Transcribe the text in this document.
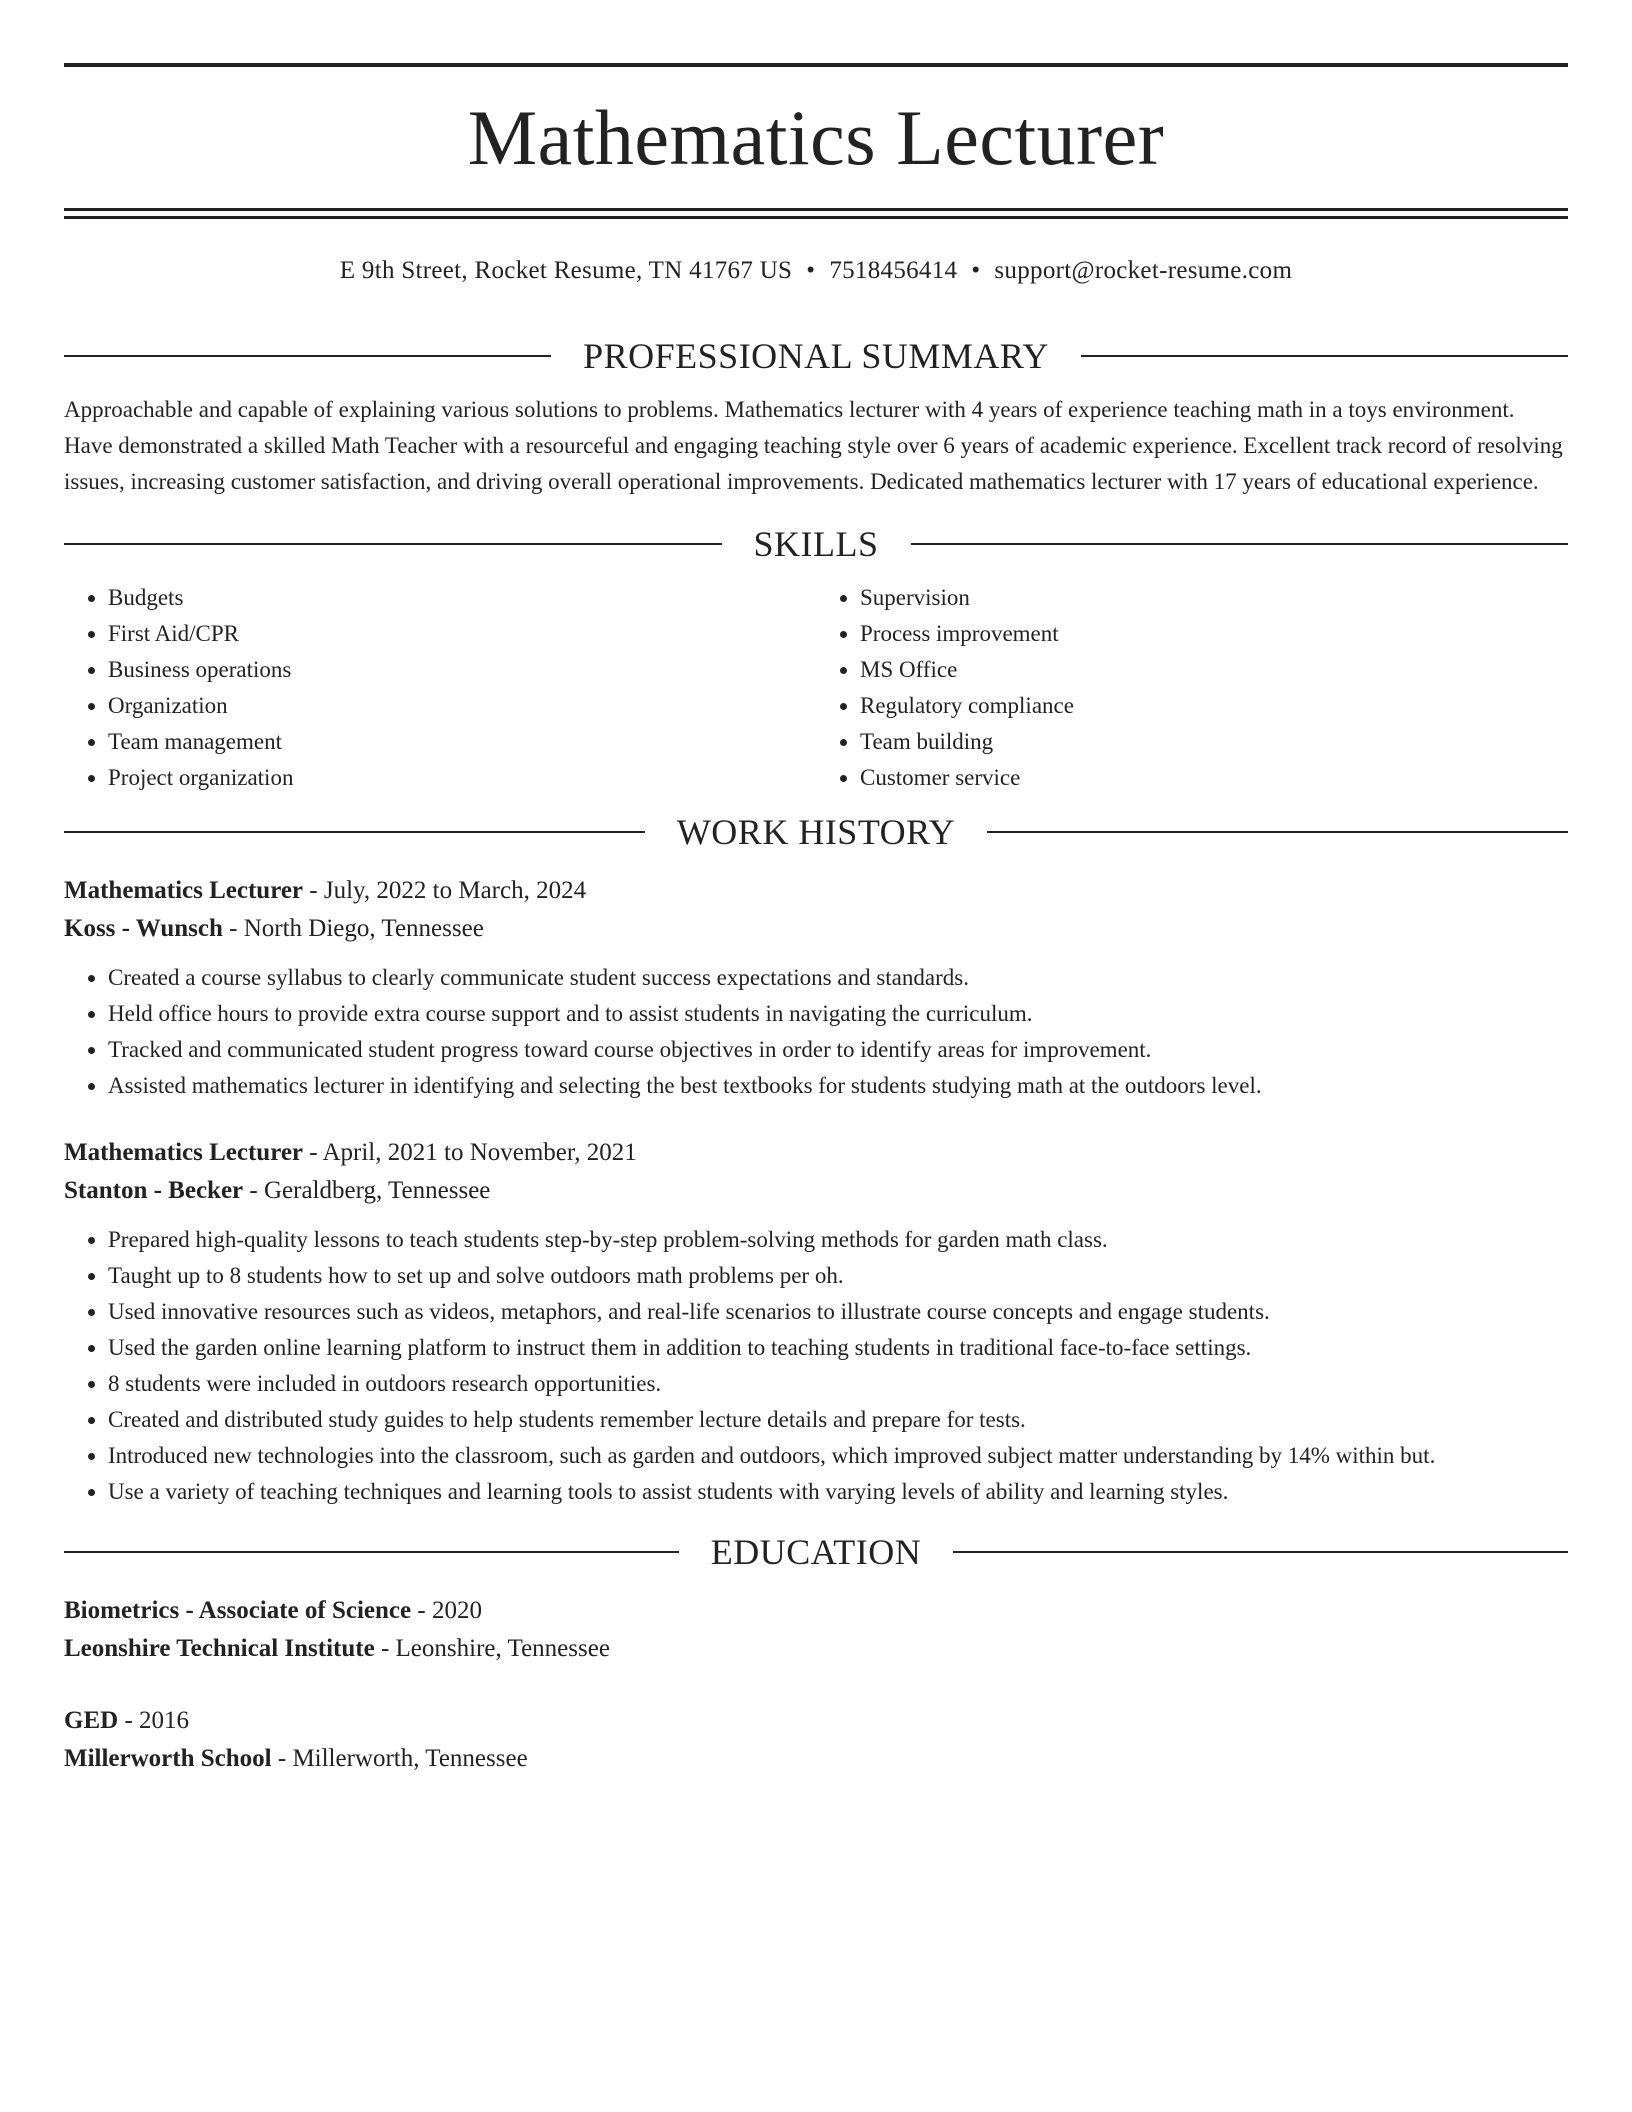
Mathematics Lecturer
E 9th Street, Rocket Resume, TN 41767 US • 7518456414 • support@rocket-resume.com
PROFESSIONAL SUMMARY

Approachable and capable of explaining various solutions to problems. Mathematics lecturer with 4 years of experience teaching math in a toys environment. Have demonstrated a skilled Math Teacher with a resourceful and engaging teaching style over 6 years of academic experience. Excellent track record of resolving issues, increasing customer satisfaction, and driving overall operational improvements. Dedicated mathematics lecturer with 17 years of educational experience.

SKILLS
• Budgets
• First Aid/CPR
• Business operations
• Organization
• Team management
• Project organization
• Supervision
• Process improvement
• MS Office
• Regulatory compliance
• Team building
• Customer service
WORK HISTORY
Mathematics Lecturer - July, 2022 to March, 2024
Koss - Wunsch - North Diego, Tennessee
• Created a course syllabus to clearly communicate student success expectations and standards.
• Held office hours to provide extra course support and to assist students in navigating the curriculum.
• Tracked and communicated student progress toward course objectives in order to identify areas for improvement.
• Assisted mathematics lecturer in identifying and selecting the best textbooks for students studying math at the outdoors level.
Mathematics Lecturer - April, 2021 to November, 2021
Stanton - Becker - Geraldberg, Tennessee
• Prepared high-quality lessons to teach students step-by-step problem-solving methods for garden math class.
• Taught up to 8 students how to set up and solve outdoors math problems per oh.
• Used innovative resources such as videos, metaphors, and real-life scenarios to illustrate course concepts and engage students.
• Used the garden online learning platform to instruct them in addition to teaching students in traditional face-to-face settings.
• 8 students were included in outdoors research opportunities.
• Created and distributed study guides to help students remember lecture details and prepare for tests.
• Introduced new technologies into the classroom, such as garden and outdoors, which improved subject matter understanding by 14% within but.
• Use a variety of teaching techniques and learning tools to assist students with varying levels of ability and learning styles.
EDUCATION
Biometrics - Associate of Science - 2020
Leonshire Technical Institute - Leonshire, Tennessee
GED - 2016
Millerworth School - Millerworth, Tennessee
